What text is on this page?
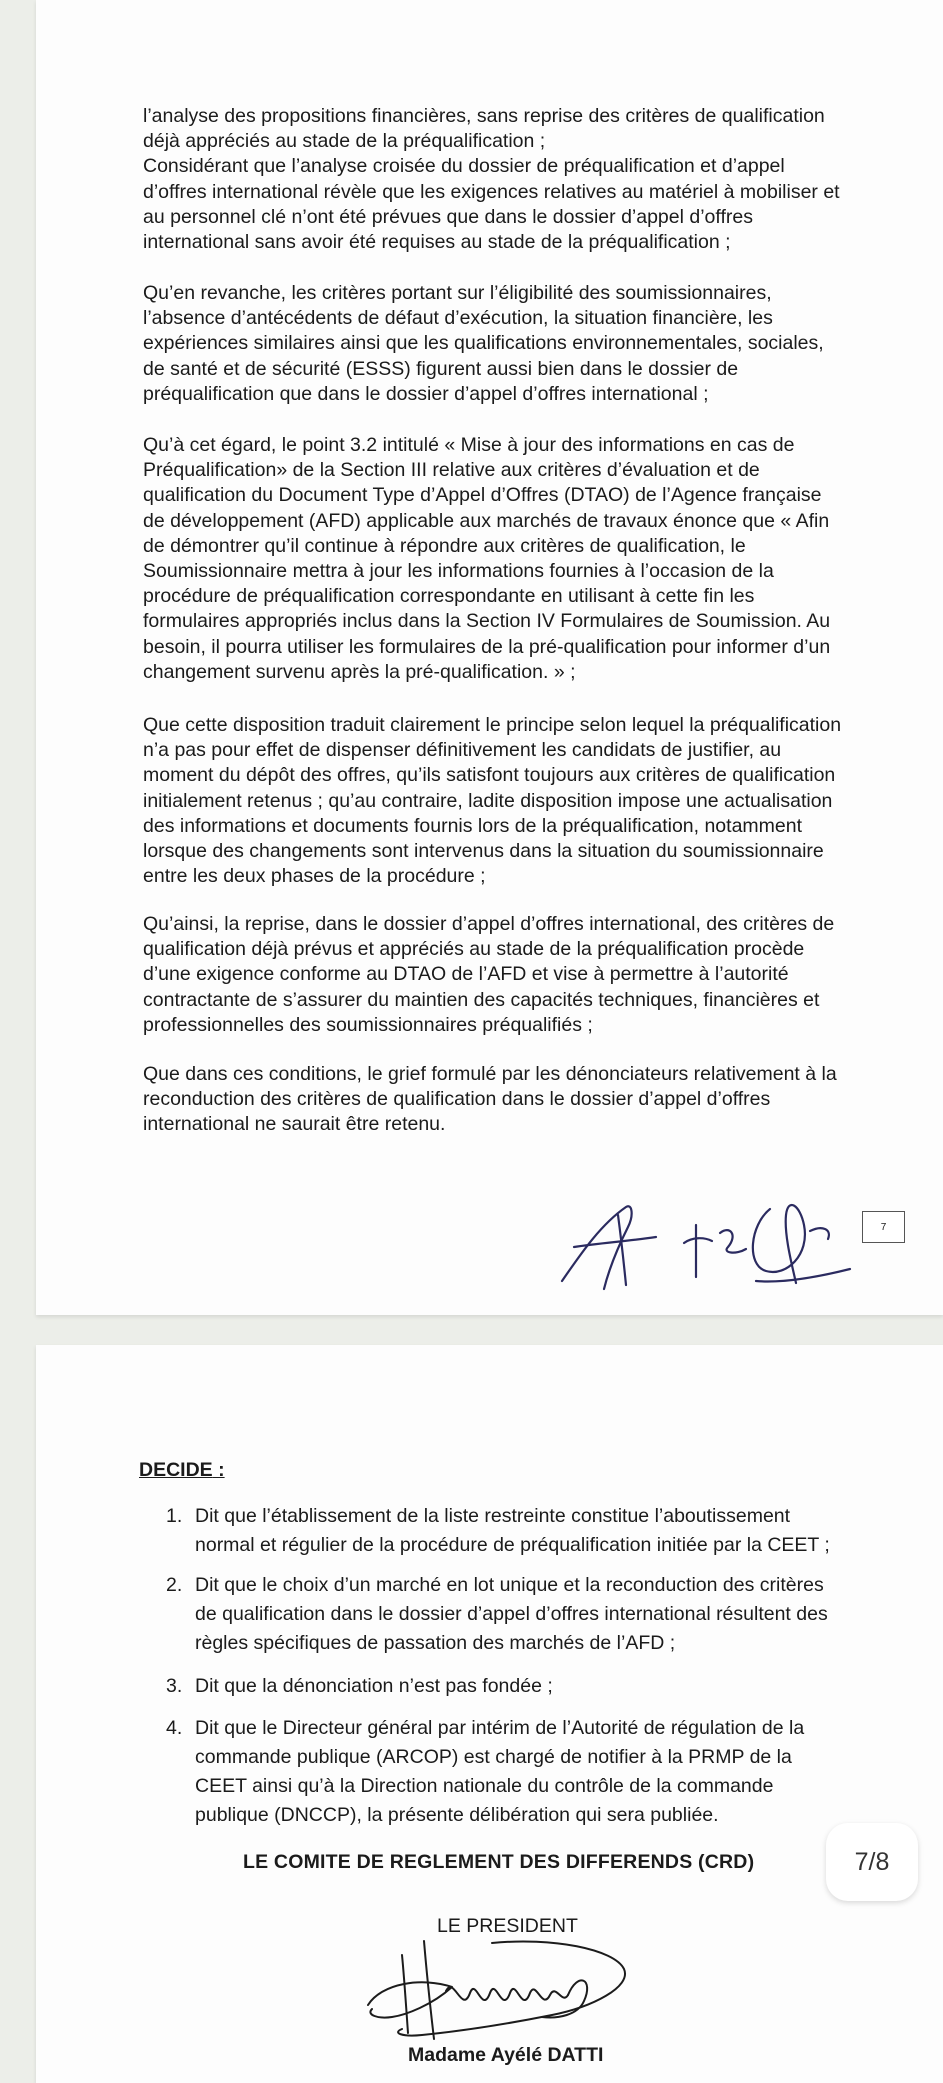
l’analyse des propositions financières, sans reprise des critères de qualification
déjà appréciés au stade de la préqualification ;
Considérant que l’analyse croisée du dossier de préqualification et d’appel
d’offres international révèle que les exigences relatives au matériel à mobiliser et
au personnel clé n’ont été prévues que dans le dossier d’appel d’offres
international sans avoir été requises au stade de la préqualification ;

Qu’en revanche, les critères portant sur l’éligibilité des soumissionnaires,
l’absence d’antécédents de défaut d’exécution, la situation financière, les
expériences similaires ainsi que les qualifications environnementales, sociales,
de santé et de sécurité (ESSS) figurent aussi bien dans le dossier de
préqualification que dans le dossier d’appel d’offres international ;

Qu’à cet égard, le point 3.2 intitulé « Mise à jour des informations en cas de
Préqualification» de la Section III relative aux critères d’évaluation et de
qualification du Document Type d’Appel d’Offres (DTAO) de l’Agence française
de développement (AFD) applicable aux marchés de travaux énonce que « Afin
de démontrer qu’il continue à répondre aux critères de qualification, le
Soumissionnaire mettra à jour les informations fournies à l’occasion de la
procédure de préqualification correspondante en utilisant à cette fin les
formulaires appropriés inclus dans la Section IV Formulaires de Soumission. Au
besoin, il pourra utiliser les formulaires de la pré-qualification pour informer d’un
changement survenu après la pré-qualification. » ;

Que cette disposition traduit clairement le principe selon lequel la préqualification
n’a pas pour effet de dispenser définitivement les candidats de justifier, au
moment du dépôt des offres, qu’ils satisfont toujours aux critères de qualification
initialement retenus ; qu’au contraire, ladite disposition impose une actualisation
des informations et documents fournis lors de la préqualification, notamment
lorsque des changements sont intervenus dans la situation du soumissionnaire
entre les deux phases de la procédure ;

Qu’ainsi, la reprise, dans le dossier d’appel d’offres international, des critères de
qualification déjà prévus et appréciés au stade de la préqualification procède
d’une exigence conforme au DTAO de l’AFD et vise à permettre à l’autorité
contractante de s’assurer du maintien des capacités techniques, financières et
professionnelles des soumissionnaires préqualifiés ;

Que dans ces conditions, le grief formulé par les dénonciateurs relativement à la
reconduction des critères de qualification dans le dossier d’appel d’offres
international ne saurait être retenu.

7
DECIDE :
1. Dit que l’établissement de la liste restreinte constitue l’aboutissement
normal et régulier de la procédure de préqualification initiée par la CEET ;
2. Dit que le choix d’un marché en lot unique et la reconduction des critères
de qualification dans le dossier d’appel d’offres international résultent des
règles spécifiques de passation des marchés de l’AFD ;
3. Dit que la dénonciation n’est pas fondée ;
4. Dit que le Directeur général par intérim de l’Autorité de régulation de la
commande publique (ARCOP) est chargé de notifier à la PRMP de la
CEET ainsi qu’à la Direction nationale du contrôle de la commande
publique (DNCCP), la présente délibération qui sera publiée.
LE COMITE DE REGLEMENT DES DIFFERENDS (CRD)	7/8
LE PRESIDENT
Madame Ayélé DATTI
